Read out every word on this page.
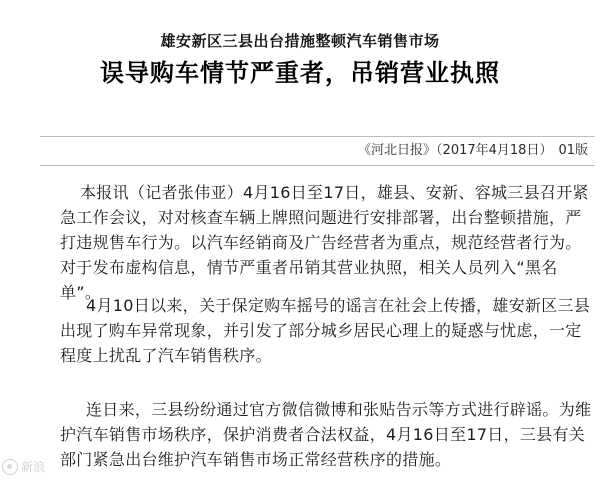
雄安新区三县出台措施整顿汽车销售市场
误导购车情节严重者，吊销营业执照
《河北日报》（2017年4月18日） 01版

本报讯（记者张伟亚）4月16日至17日，雄县、安新、容城三县召开紧急工作会议，对对核查车辆上牌照问题进行安排部署，出台整顿措施，严打违规售车行为。以汽车经销商及广告经营者为重点，规范经营者行为。对于发布虚构信息，情节严重者吊销其营业执照，相关人员列入“黑名单”。

4月10日以来，关于保定购车摇号的谣言在社会上传播，雄安新区三县出现了购车异常现象，并引发了部分城乡居民心理上的疑惑与忧虑，一定程度上扰乱了汽车销售秩序。

连日来，三县纷纷通过官方微信微博和张贴告示等方式进行辟谣。为维护汽车销售市场秩序，保护消费者合法权益，4月16日至17日，三县有关部门紧急出台维护汽车销售市场正常经营秩序的措施。

新浪
